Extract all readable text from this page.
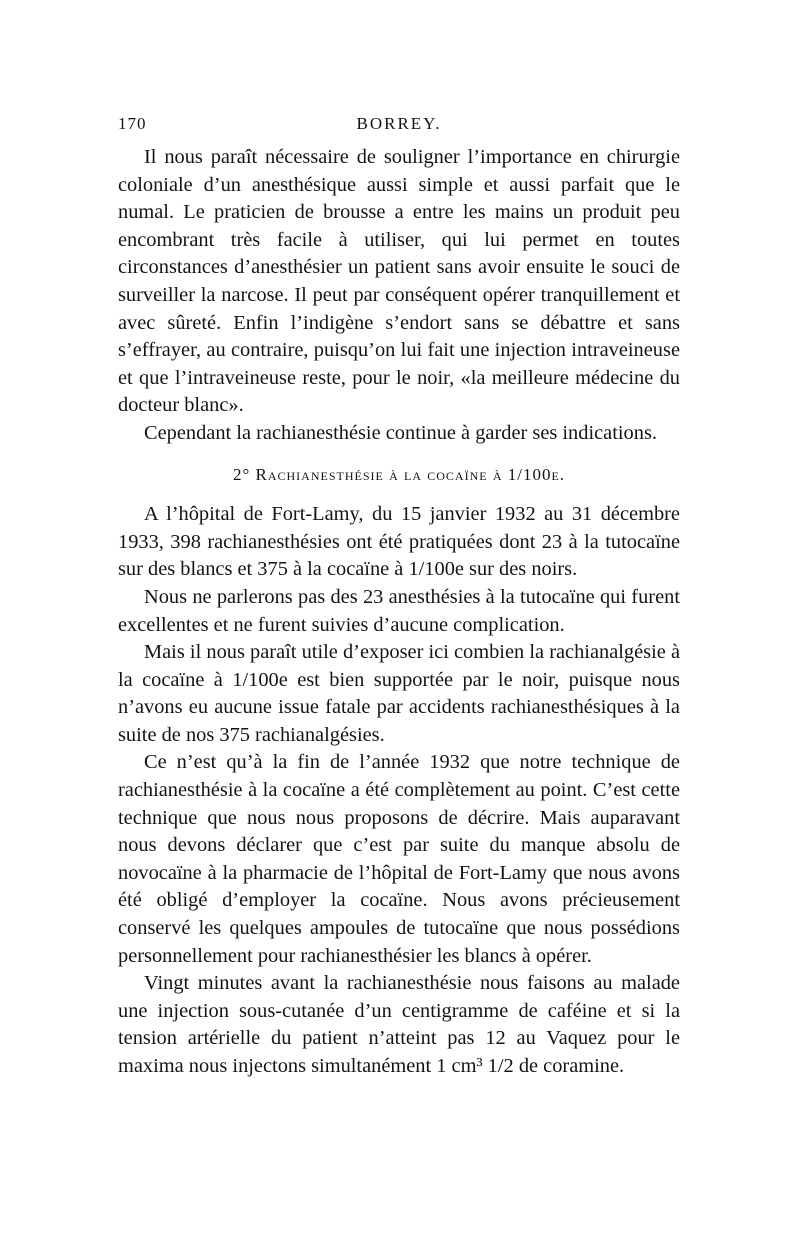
170	BORREY.

Il nous paraît nécessaire de souligner l’importance en chirurgie coloniale d’un anesthésique aussi simple et aussi parfait que le numal. Le praticien de brousse a entre les mains un produit peu encombrant très facile à utiliser, qui lui permet en toutes circonstances d’anesthésier un patient sans avoir ensuite le souci de surveiller la narcose. Il peut par conséquent opérer tranquillement et avec sûreté. Enfin l’indigène s’endort sans se débattre et sans s’effrayer, au contraire, puisqu’on lui fait une injection intraveineuse et que l’intraveineuse reste, pour le noir, «la meilleure médecine du docteur blanc».

Cependant la rachianesthésie continue à garder ses indications.

2° Rachianesthésie à la cocaïne à 1/100e.

A l’hôpital de Fort-Lamy, du 15 janvier 1932 au 31 décembre 1933, 398 rachianesthésies ont été pratiquées dont 23 à la tutocaïne sur des blancs et 375 à la cocaïne à 1/100e sur des noirs.

Nous ne parlerons pas des 23 anesthésies à la tutocaïne qui furent excellentes et ne furent suivies d’aucune complication.

Mais il nous paraît utile d’exposer ici combien la rachianalgésie à la cocaïne à 1/100e est bien supportée par le noir, puisque nous n’avons eu aucune issue fatale par accidents rachianesthésiques à la suite de nos 375 rachianalgésies.

Ce n’est qu’à la fin de l’année 1932 que notre technique de rachianesthésie à la cocaïne a été complètement au point. C’est cette technique que nous nous proposons de décrire. Mais auparavant nous devons déclarer que c’est par suite du manque absolu de novocaïne à la pharmacie de l’hôpital de Fort-Lamy que nous avons été obligé d’employer la cocaïne. Nous avons précieusement conservé les quelques ampoules de tutocaïne que nous possédions personnellement pour rachianesthésier les blancs à opérer.

Vingt minutes avant la rachianesthésie nous faisons au malade une injection sous-cutanée d’un centigramme de caféine et si la tension artérielle du patient n’atteint pas 12 au Vaquez pour le maxima nous injectons simultanément 1 cm³ 1/2 de coramine.
